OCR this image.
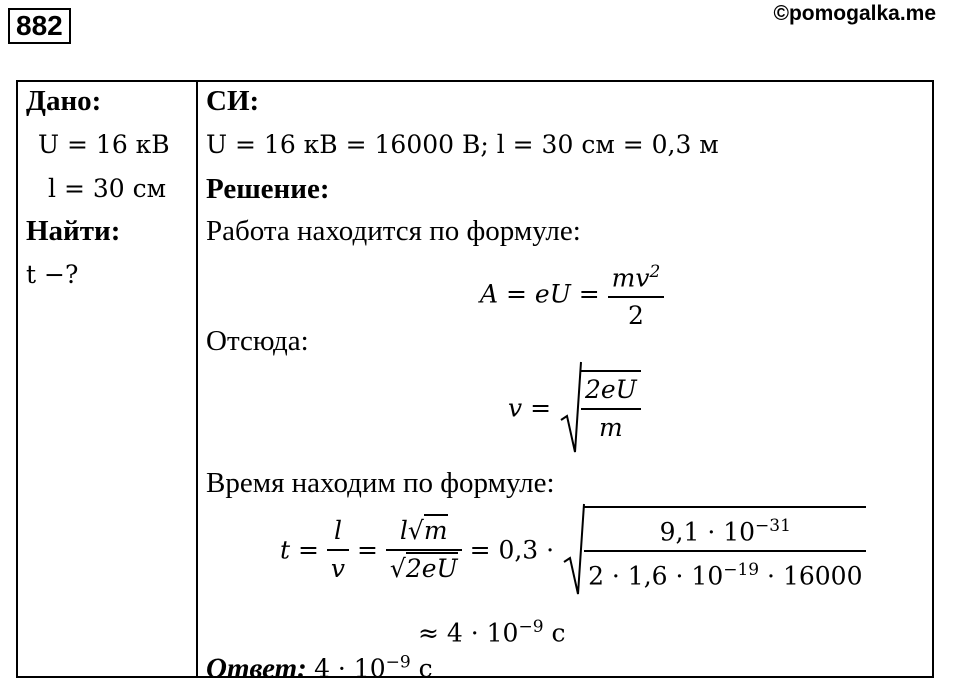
882	©pomogalka.me
Дано:
U = 16 кВ
l = 30 см
Найти:
t −?
СИ:
U = 16 кВ = 16000 В; l = 30 см = 0,3 м
Решение:
Работа находится по формуле:
A = eU = $\frac{mv^2}{2}$
Отсюда:
$v = \frac{2eU}{m}$
Время находим по формуле:
$t = \frac{l}{v} = \frac{l√m}{√2eU} = 0,3 \cdot \frac{9,1 \cdot 10^{-31}}{2 \cdot 1,6 \cdot 10^{-19} \cdot 16000}$
≈ $4 \cdot 10^{-9}$ с
Ответ: $4 \cdot 10^{-9}$ с
